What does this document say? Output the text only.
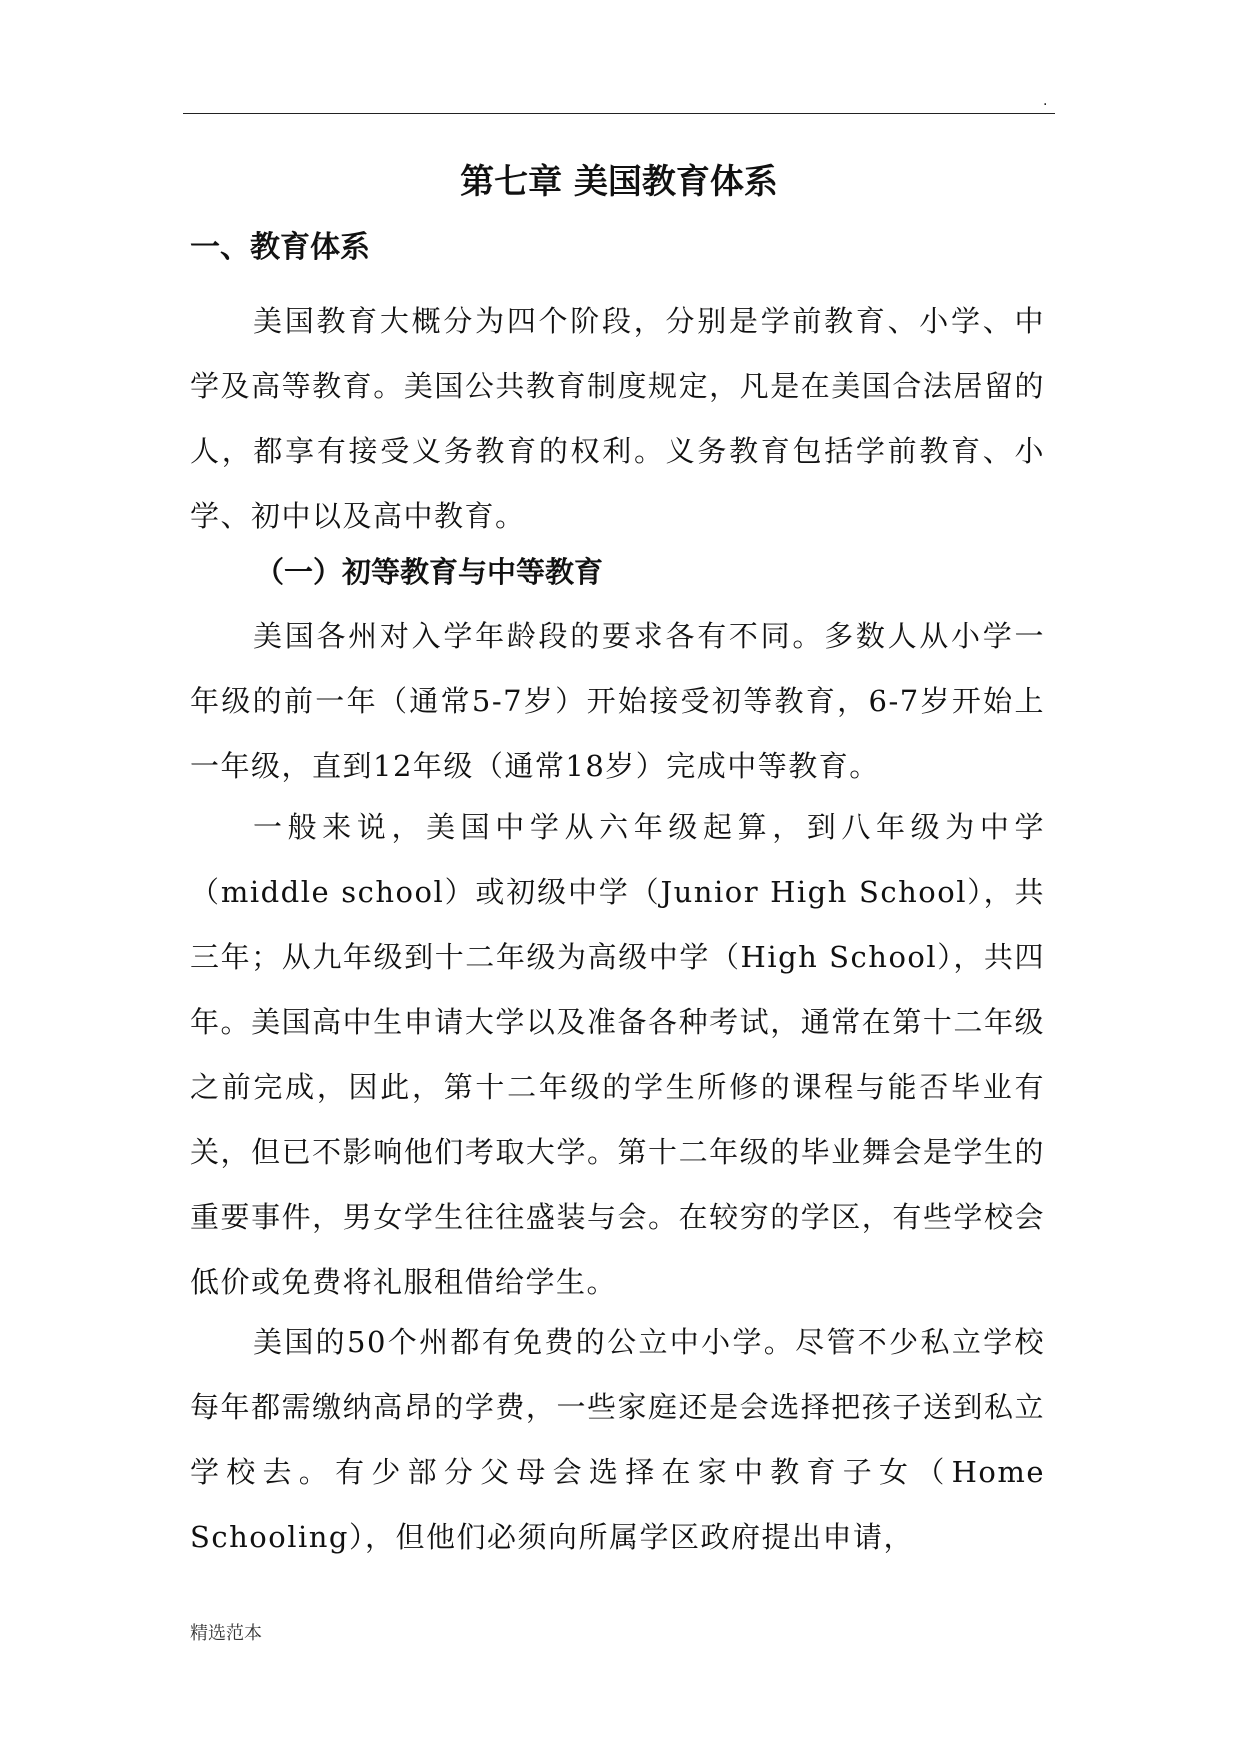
.
第七章 美国教育体系
一、教育体系

美国教育大概分为四个阶段，分别是学前教育、小学、中学及高等教育。美国公共教育制度规定，凡是在美国合法居留的人，都享有接受义务教育的权利。义务教育包括学前教育、小学、初中以及高中教育。

（一）初等教育与中等教育

美国各州对入学年龄段的要求各有不同。多数人从小学一年级的前一年（通常5-7岁）开始接受初等教育，6-7岁开始上一年级，直到12年级（通常18岁）完成中等教育。

一般来说，美国中学从六年级起算，到八年级为中学（middle school）或初级中学（Junior High School），共三年；从九年级到十二年级为高级中学（High School），共四年。美国高中生申请大学以及准备各种考试，通常在第十二年级之前完成，因此，第十二年级的学生所修的课程与能否毕业有关，但已不影响他们考取大学。第十二年级的毕业舞会是学生的重要事件，男女学生往往盛装与会。在较穷的学区，有些学校会低价或免费将礼服租借给学生。

美国的50个州都有免费的公立中小学。尽管不少私立学校每年都需缴纳高昂的学费，一些家庭还是会选择把孩子送到私立学校去。有少部分父母会选择在家中教育子女（Home Schooling），但他们必须向所属学区政府提出申请，

精选范本
